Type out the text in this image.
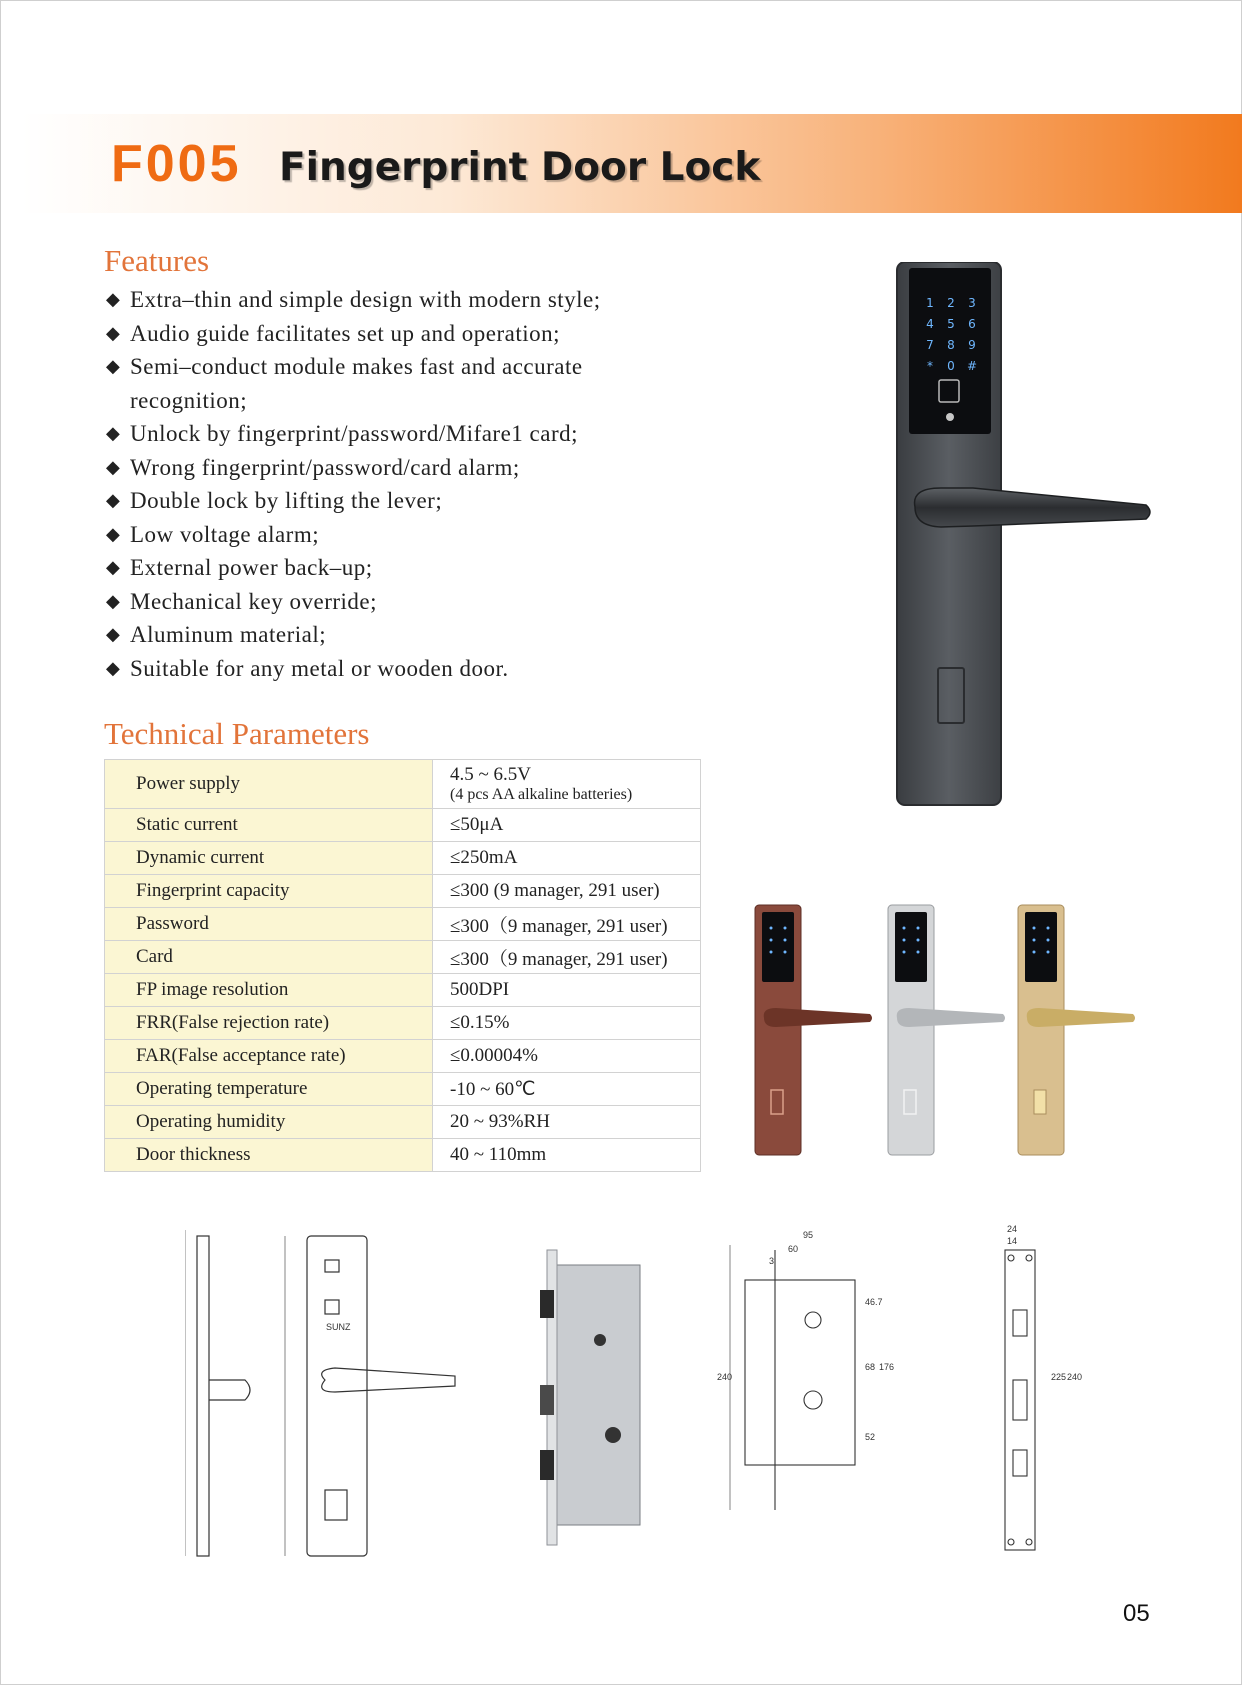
F005 Fingerprint Door Lock
Features
◆ Extra–thin and simple design with modern style;
◆ Audio guide facilitates set up and operation;
◆ Semi–conduct module makes fast and accurate recognition;
◆ Unlock by fingerprint/password/Mifare1 card;
◆ Wrong fingerprint/password/card alarm;
◆ Double lock by lifting the lever;
◆ Low voltage alarm;
◆ External power back–up;
◆ Mechanical key override;
◆ Aluminum material;
◆ Suitable for any metal or wooden door.
Technical Parameters
Power supply	4.5 ~ 6.5V
(4 pcs AA alkaline batteries)

Static current	≤50μA
Dynamic current	≤250mA
Fingerprint capacity	≤300 (9 manager, 291 user)
Password	≤300（9 manager, 291 user)
Card	≤300（9 manager, 291 user)
FP image resolution	500DPI
FRR(False rejection rate)	≤0.15%
FAR(False acceptance rate)	≤0.00004%
Operating temperature	-10 ~ 60℃
Operating humidity	20 ~ 93%RH
Door thickness	40 ~ 110mm
1 2 3
4 5 6
7 8 9
* 0 #
SUNZ
95
60
3
46.7
68 176
52
240
24
14
225 240
05
